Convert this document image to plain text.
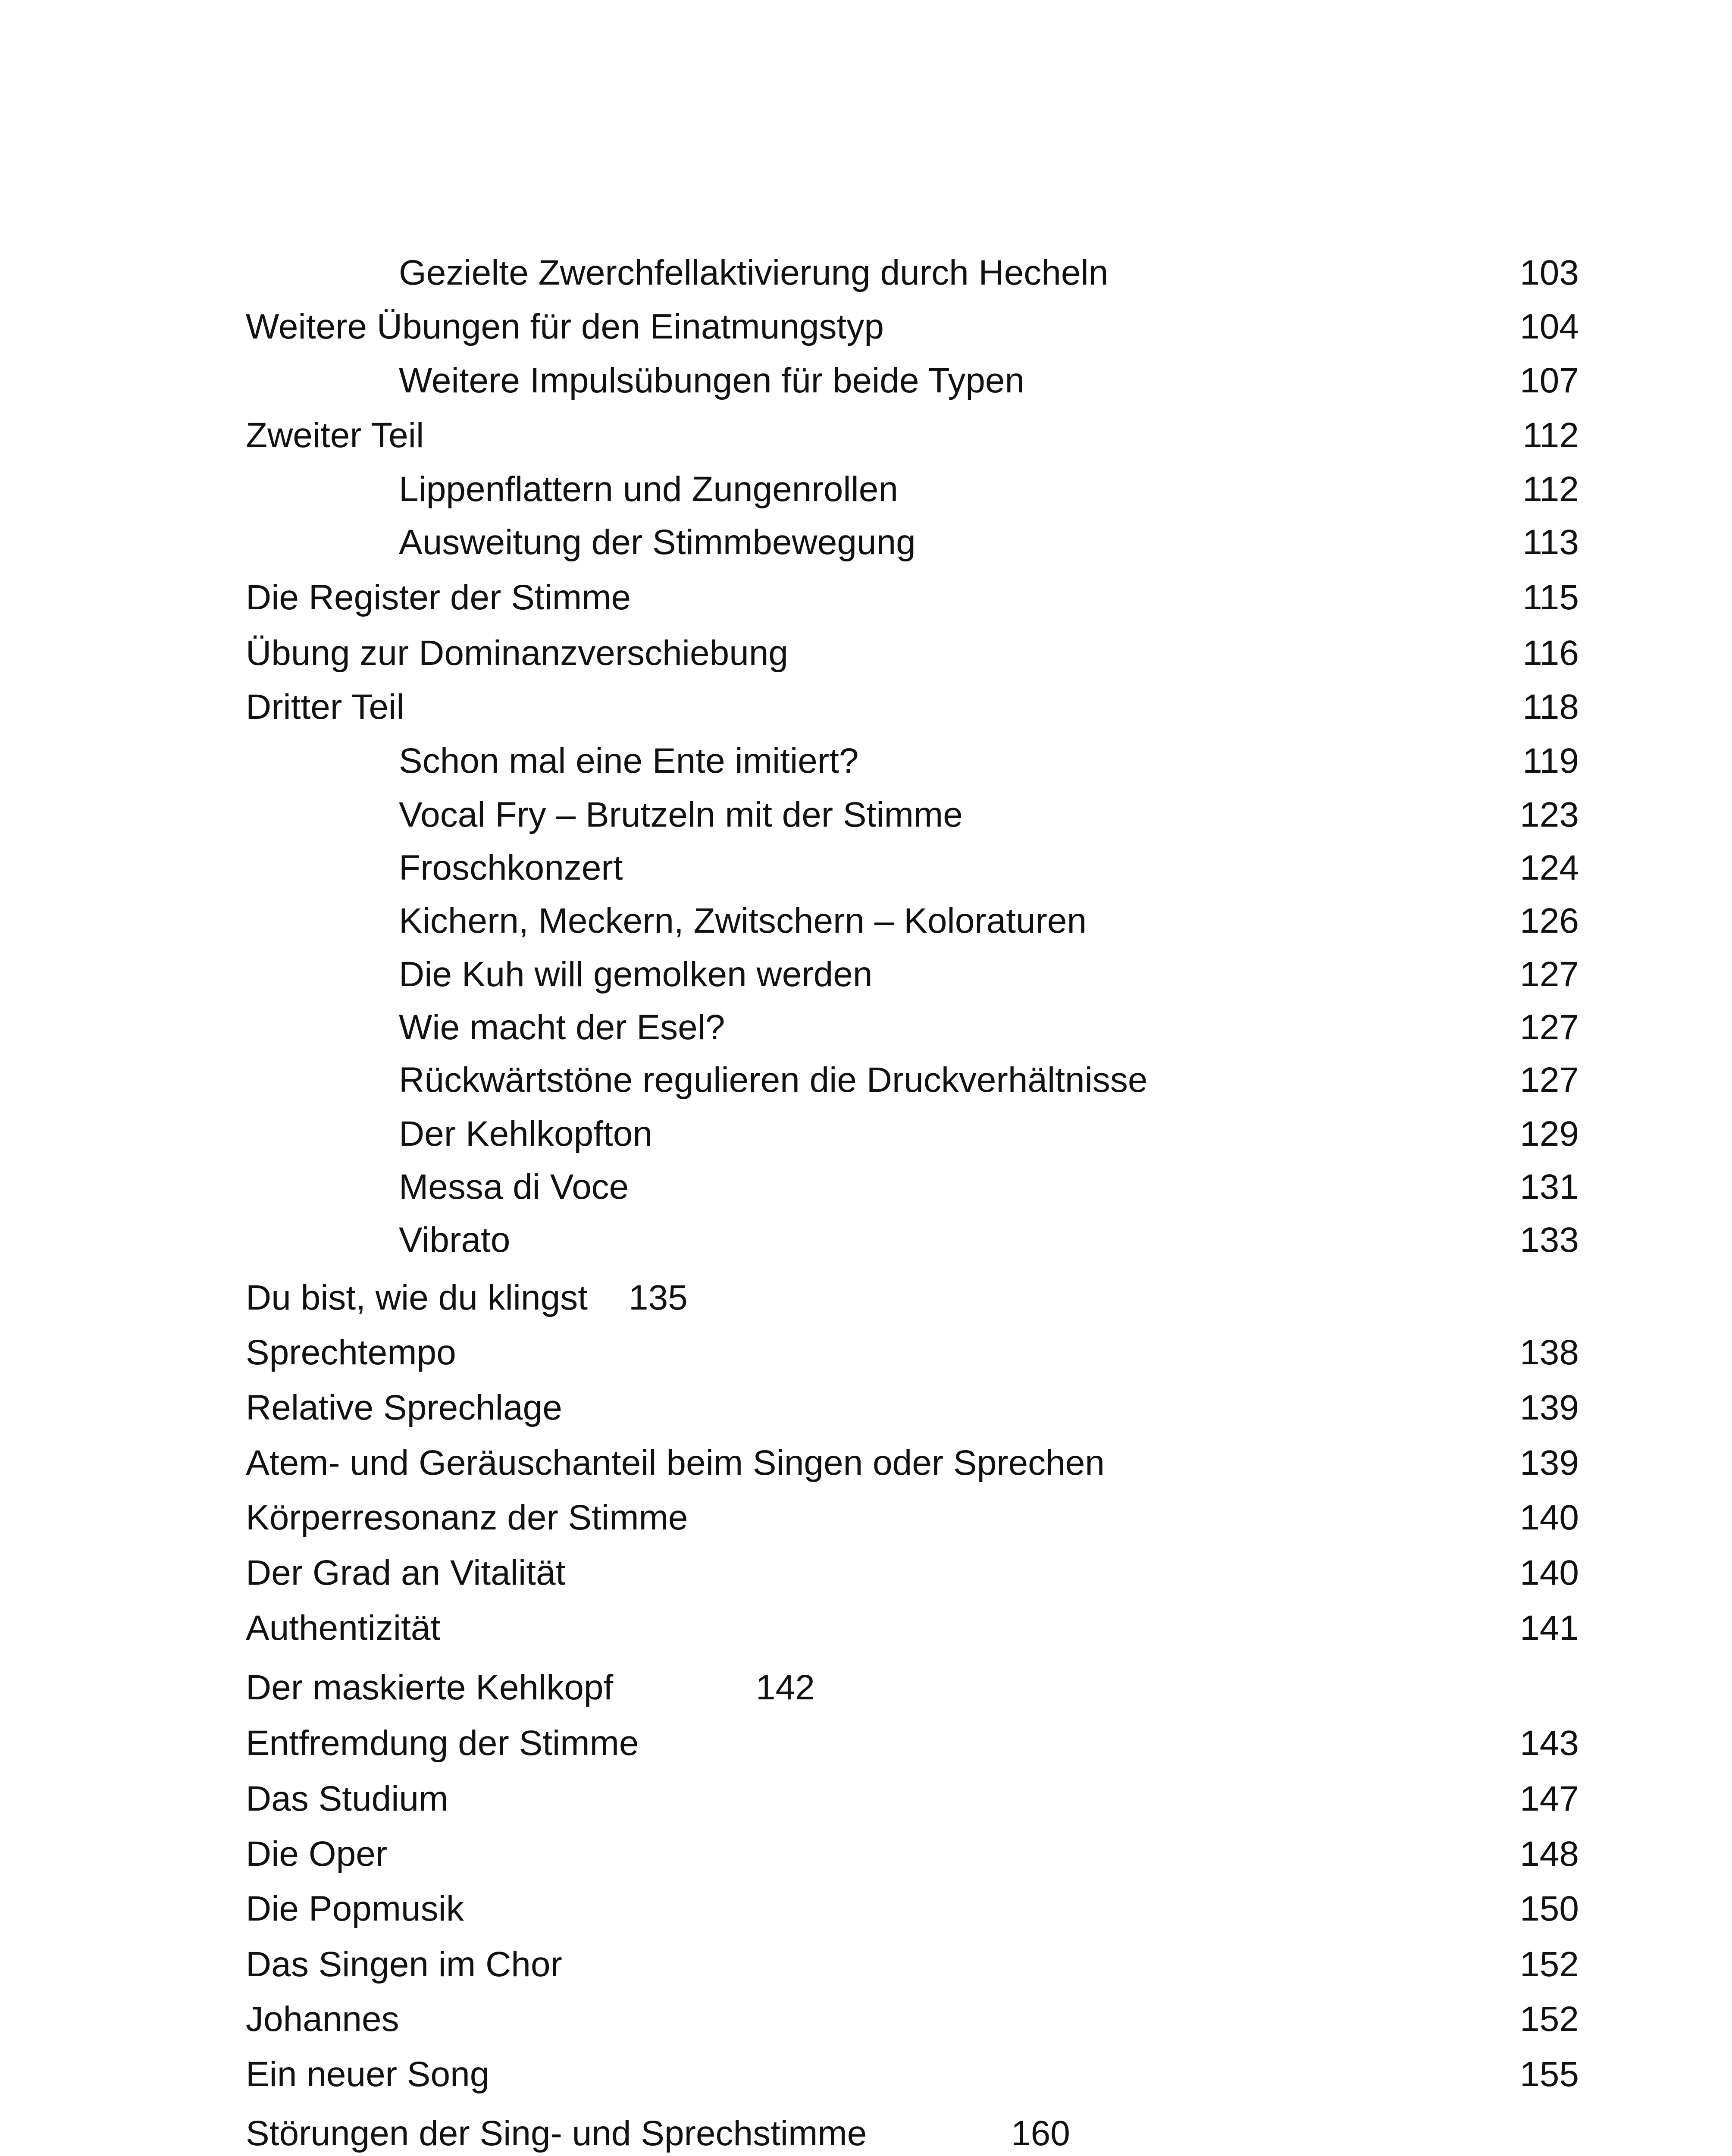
Gezielte Zwerchfellaktivierung durch Hecheln	103
Weitere Übungen für den Einatmungstyp	104
Weitere Impulsübungen für beide Typen	107
Zweiter Teil	112
Lippenflattern und Zungenrollen	112
Ausweitung der Stimmbewegung	113
Die Register der Stimme	115
Übung zur Dominanzverschiebung	116
Dritter Teil	118
Schon mal eine Ente imitiert?	119
Vocal Fry – Brutzeln mit der Stimme	123
Froschkonzert	124
Kichern, Meckern, Zwitschern – Koloraturen	126
Die Kuh will gemolken werden	127
Wie macht der Esel?	127
Rückwärtstöne regulieren die Druckverhältnisse	127
Der Kehlkopfton	129
Messa di Voce	131
Vibrato	133
Du bist, wie du klingst 135
Sprechtempo	138
Relative Sprechlage	139
Atem- und Geräuschanteil beim Singen oder Sprechen	139
Körperresonanz der Stimme	140
Der Grad an Vitalität	140
Authentizität	141
Der maskierte Kehlkopf	142
Entfremdung der Stimme	143
Das Studium	147
Die Oper	148
Die Popmusik	150
Das Singen im Chor	152
Johannes	152
Ein neuer Song	155
Störungen der Sing- und Sprechstimme	160
